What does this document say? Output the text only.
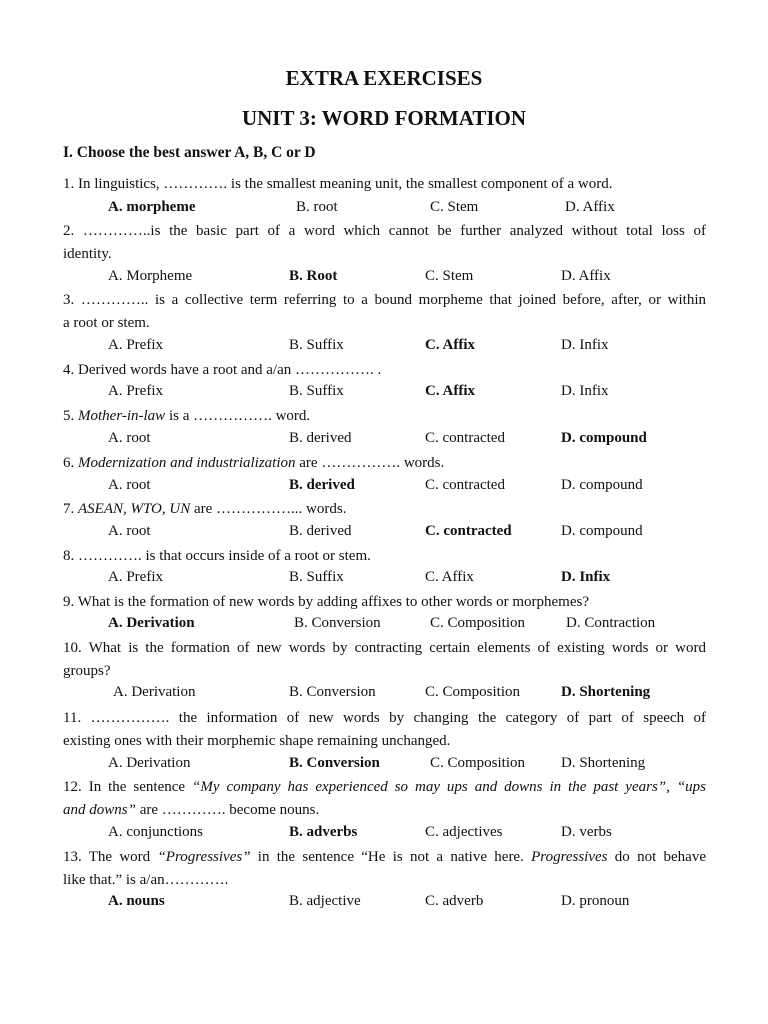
EXTRA EXERCISES
UNIT 3: WORD FORMATION
I. Choose the best answer A, B, C or D
1. In linguistics, …………. is the smallest meaning unit, the smallest component of a word.
A. morpheme	B. root	C. Stem	D. Affix
2. …………..is the basic part of a word which cannot be further analyzed without total loss of
identity.
A. Morpheme	B. Root	C. Stem	D. Affix
3. ………….. is a collective term referring to a bound morpheme that joined before, after, or within
a root or stem.
A. Prefix	B. Suffix	C. Affix	D. Infix
4. Derived words have a root and a/an ……………. .
A. Prefix	B. Suffix	C. Affix	D. Infix
5. Mother-in-law is a ……………. word.
A. root	B. derived	C. contracted	D. compound
6. Modernization and industrialization are ……………. words.
A. root	B. derived	C. contracted	D. compound
7. ASEAN, WTO, UN are ……………... words.
A. root	B. derived	C. contracted	D. compound
8. …………. is that occurs inside of a root or stem.
A. Prefix	B. Suffix	C. Affix	D. Infix
9. What is the formation of new words by adding affixes to other words or morphemes?
A. Derivation	B. Conversion	C. Composition	D. Contraction
10. What is the formation of new words by contracting certain elements of existing words or word
groups?
A. Derivation	B. Conversion	C. Composition	D. Shortening
11. ……………. the information of new words by changing the category of part of speech of
existing ones with their morphemic shape remaining unchanged.
A. Derivation	B. Conversion	C. Composition D. Shortening
12. In the sentence “My company has experienced so may ups and downs in the past years”, “ups
and downs” are …………. become nouns.
A. conjunctions	B. adverbs	C. adjectives	D. verbs
13. The word “Progressives” in the sentence “He is not a native here. Progressives do not behave
like that.” is a/an………….
A. nouns	B. adjective	C. adverb	D. pronoun
